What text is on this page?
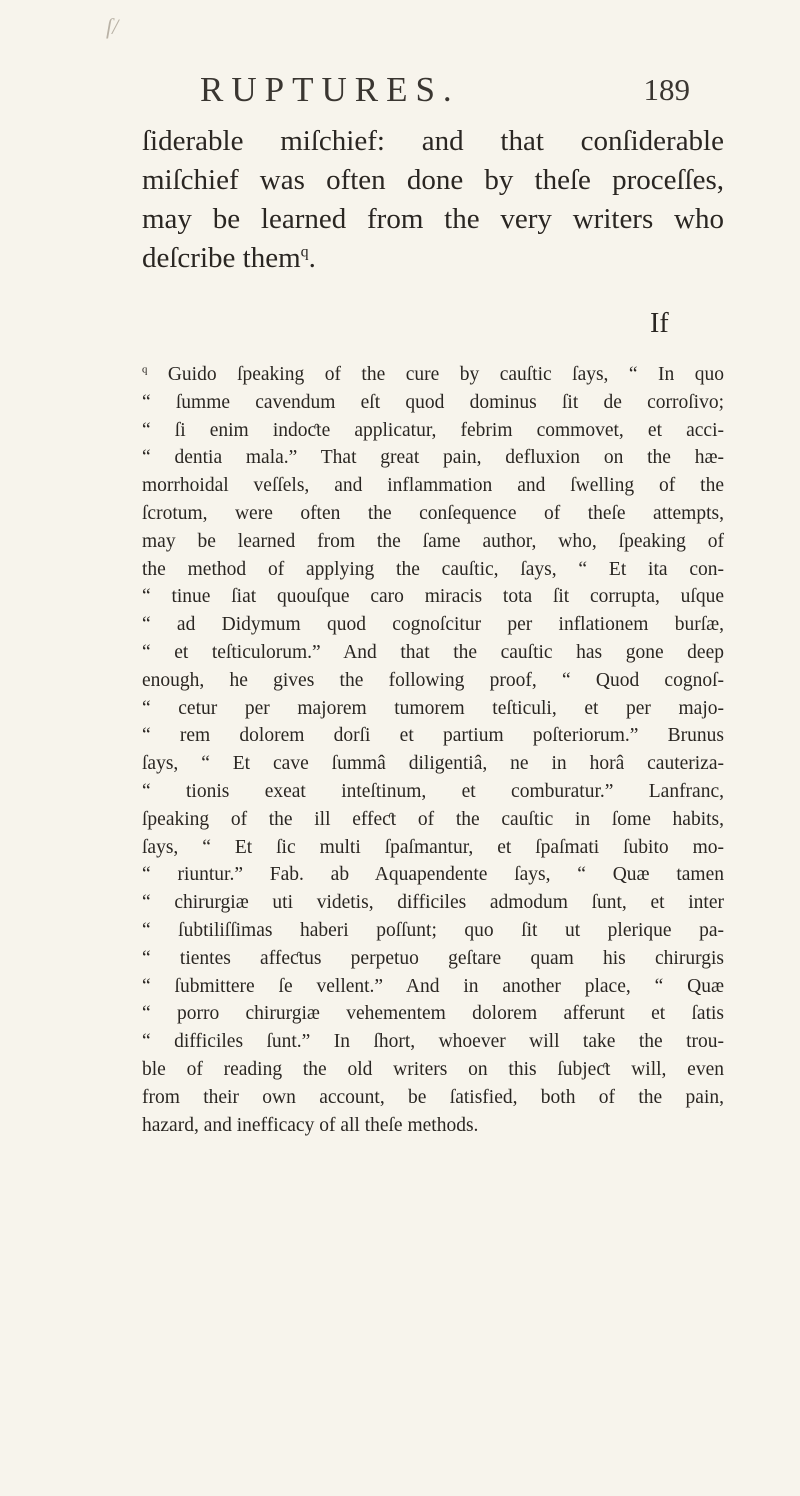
ſ/
RUPTURES.	189
ſiderable miſchief: and that conſiderable
miſchief was often done by theſe proceſſes,
may be learned from the very writers who
deſcribe them$^q$.
If
$^q$ Guido ſpeaking of the cure by cauſtic ſays, “ In quo
“ ſumme cavendum eſt quod dominus ſit de corroſivo;
“ ſi enim indoƈte applicatur, febrim commovet, et acci-
“ dentia mala.” That great pain, defluxion on the hæ-
morrhoidal veſſels, and inflammation and ſwelling of the
ſcrotum, were often the conſequence of theſe attempts,
may be learned from the ſame author, who, ſpeaking of
the method of applying the cauſtic, ſays, “ Et ita con-
“ tinue ſiat quouſque caro miracis tota ſit corrupta, uſque
“ ad Didymum quod cognoſcitur per inflationem burſæ,
“ et teſticulorum.” And that the cauſtic has gone deep
enough, he gives the following proof, “ Quod cognoſ-
“ cetur per majorem tumorem teſticuli, et per majo-
“ rem dolorem dorſi et partium poſteriorum.” Brunus
ſays, “ Et cave ſummâ diligentiâ, ne in horâ cauteriza-
“ tionis exeat inteſtinum, et comburatur.” Lanfranc,
ſpeaking of the ill effeƈt of the cauſtic in ſome habits,
ſays, “ Et ſic multi ſpaſmantur, et ſpaſmati ſubito mo-
“ riuntur.” Fab. ab Aquapendente ſays, “ Quæ tamen
“ chirurgiæ uti videtis, difficiles admodum ſunt, et inter
“ ſubtiliſſimas haberi poſſunt; quo ſit ut plerique pa-
“ tientes affeƈtus perpetuo geſtare quam his chirurgis
“ ſubmittere ſe vellent.” And in another place, “ Quæ
“ porro chirurgiæ vehementem dolorem afferunt et ſatis
“ difficiles ſunt.” In ſhort, whoever will take the trou-
ble of reading the old writers on this ſubjeƈt will, even
from their own account, be ſatisfied, both of the pain,
hazard, and inefficacy of all theſe methods.
